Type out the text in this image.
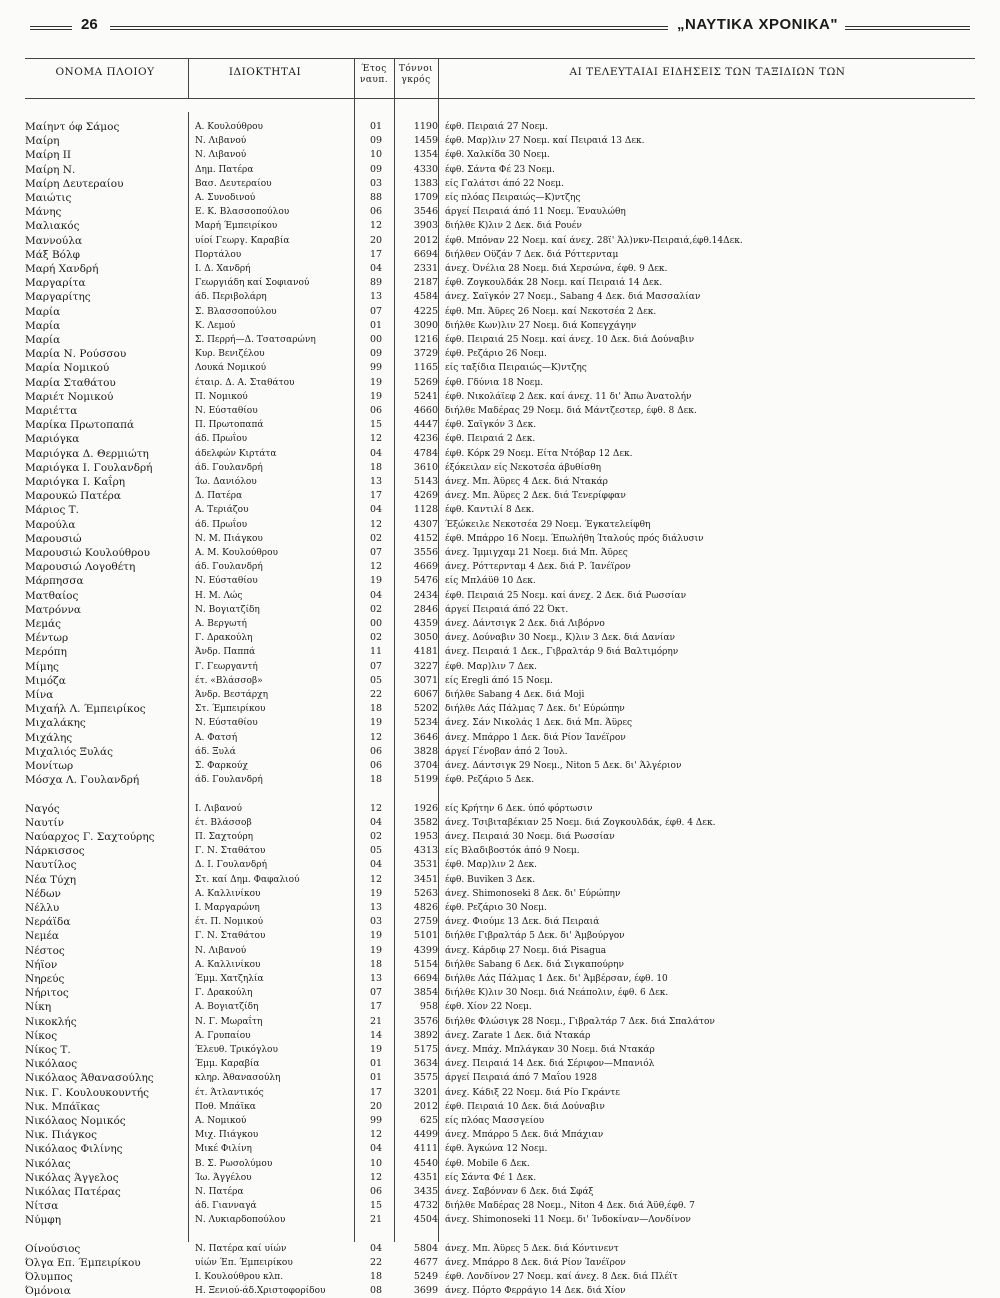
26	„ΝΑΥΤΙΚΑ ΧΡΟΝΙΚΑ"
ΟΝΟΜΑ ΠΛΟΙΟΥ	ΙΔΙΟΚΤΗΤΑΙ	Έτος
ναυπ.
Τόννοι
γκρός
ΑΙ ΤΕΛΕΥΤΑΙΑΙ ΕΙΔΗΣΕΙΣ ΤΩΝ ΤΑΞΙΔΙΩΝ ΤΩΝ
Μαίηντ όφ Σάμος	Α. Κουλούθρου	01	1190 έφθ. Πειραιά 27 Νοεμ.
Μαίρη	Ν. Λιβανού	09	1459 έφθ. Μαρ)λιν 27 Νοεμ. καί Πειραιά 13 Δεκ.
Μαίρη ΙΙ	Ν. Λιβανού	10	1354 έφθ. Χαλκίδα 30 Νοεμ.
Μαίρη Ν.	Δημ. Πατέρα	09	4330 έφθ. Σάντα Φέ 23 Νοεμ.
Μαίρη Δευτεραίου	Βασ. Δευτεραίου	03	1383 είς Γαλάτσι άπό 22 Νοεμ.
Μαιώτις	Α. Συνοδινού	88	1709 είς πλόας Πειραιώς—Κ)ντζης
Μάνης	Ε. Κ. Βλασσοπούλου	06	3546 άργεί Πειραιά άπό 11 Νοεμ. Έναυλώθη
Μαλιακός	Μαρή Έμπειρίκου	12	3903 διήλθε Κ)λιν 2 Δεκ. διά Ρουέν
Μαννούλα	υίοί Γεωργ. Καραβία	20	2012 έφθ. Μπόναν 22 Νοεμ. καί άνεχ. 28ϊ' Άλ)νκν-Πειραιά,έφθ.14Δεκ.
Μάξ Βόλφ	Πορτάλου	17	6694 διήλθεν Οϋζάν 7 Δεκ. διά Ρόττερνταμ
Μαρή Χανδρή	Ι. Δ. Χανδρή	04	2331 άνεχ. Όνέλια 28 Νοεμ. διά Χερσώνα, έφθ. 9 Δεκ.
Μαργαρίτα	Γεωργιάδη καί Σοφιανού	89	2187 έφθ. Ζογκουλδάκ 28 Νοεμ. καί Πειραιά 14 Δεκ.
Μαργαρίτης	άδ. Περιβολάρη	13	4584 άνεχ. Σαϊγκόν 27 Νοεμ., Sabang 4 Δεκ. διά Μασσαλίαν
Μαρία	Σ. Βλασσοπούλου	07	4225 έφθ. Μπ. Άϋρες 26 Νοεμ. καί Νεκοτσέα 2 Δεκ.
Μαρία	Κ. Λεμού	01	3090 διήλθε Κων)λιν 27 Νοεμ. διά Κοπεγχάγην
Μαρία	Σ. Περρή—Δ. Τσατσαρώνη	00	1216 έφθ. Πειραιά 25 Νοεμ. καί άνεχ. 10 Δεκ. διά Δούναβιν
Μαρία Ν. Ρούσσου	Κυρ. Βενιζέλου	09	3729 έφθ. Ρεζάριο 26 Νοεμ.
Μαρία Νομικού	Λουκά Νομικού	99	1165 είς ταξίδια Πειραιώς—Κ)ντζης
Μαρία Σταθάτου	έταιρ. Δ. Α. Σταθάτου	19	5269 έφθ. Γδύνια 18 Νοεμ.
Μαριέτ Νομικού	Π. Νομικού	19	5241 έφθ. Νικολάϊεφ 2 Δεκ. καί άνεχ. 11 δι' Άπω Άνατολήν
Μαριέττα	Ν. Εύσταθίου	06	4660 διήλθε Μαδέρας 29 Νοεμ. διά Μάντζεστερ, έφθ. 8 Δεκ.
Μαρίκα Πρωτοπαπά	Π. Πρωτοπαπά	15	4447 έφθ. Σαϊγκόν 3 Δεκ.
Μαριόγκα	άδ. Πρωΐου	12	4236 έφθ. Πειραιά 2 Δεκ.
Μαριόγκα Δ. Θερμιώτη	άδελφών Κιρτάτα	04	4784 έφθ. Κόρκ 29 Νοεμ. Είτα Ντόβαρ 12 Δεκ.
Μαριόγκα Ι. Γουλανδρή	άδ. Γουλανδρή	18	3610 έξόκειλαν είς Νεκοτσέα άβυθίσθη
Μαριόγκα Ι. Καΐρη	Ίω. Δανιόλου	13	5143 άνεχ. Μπ. Άϋρες 4 Δεκ. διά Ντακάρ
Μαρουκώ Πατέρα	Δ. Πατέρα	17	4269 άνεχ. Μπ. Άϋρες 2 Δεκ. διά Τενερίφφαν
Μάριος Τ.	Α. Τεριάζου	04	1128 έφθ. Καντιλί 8 Δεκ.
Μαρούλα	άδ. Πρωΐου	12	4307 Έξώκειλε Νεκοτσέα 29 Νοεμ. Έγκατελείφθη
Μαρουσιώ	Ν. Μ. Πιάγκου	02	4152 έφθ. Μπάρρο 16 Νοεμ. Έπωλήθη Ίταλούς πρός διάλυσιν
Μαρουσιώ Κουλούθρου	Α. Μ. Κουλούθρου	07	3556 άνεχ. Ίμμιγχαμ 21 Νοεμ. διά Μπ. Άϋρες
Μαρουσιώ Λογοθέτη	άδ. Γουλανδρή	12	4669 άνεχ. Ρόττερνταμ 4 Δεκ. διά Ρ. Ίανέϊρον
Μάρπησσα	Ν. Εύσταθίου	19	5476 είς Μπλάϋθ 10 Δεκ.
Ματθαίος	Η. Μ. Λώς	04	2434 έφθ. Πειραιά 25 Νοεμ. καί άνεχ. 2 Δεκ. διά Ρωσσίαν
Ματρόννα	Ν. Βογιατζίδη	02	2846 άργεί Πειραιά άπό 22 Όκτ.
Μεμάς	Α. Βεργωτή	00	4359 άνεχ. Δάντσιγκ 2 Δεκ. διά Λιβόρνο
Μέντωρ	Γ. Δρακούλη	02	3050 άνεχ. Δούναβιν 30 Νοεμ., Κ)λιν 3 Δεκ. διά Δανίαν
Μερόπη	Άνδρ. Παππά	11	4181 άνεχ. Πειραιά 1 Δεκ., Γιβραλτάρ 9 διά Βαλτιμόρην
Μίμης	Γ. Γεωργαντή	07	3227 έφθ. Μαρ)λιν 7 Δεκ.
Μιμόζα	έτ. «Βλάσσοβ»	05	3071 είς Eregli άπό 15 Νοεμ.
Μίνα	Άνδρ. Βεστάρχη	22	6067 διήλθε Sabang 4 Δεκ. διά Moji
Μιχαήλ Λ. Έμπειρίκος	Στ. Έμπειρίκου	18	5202 διήλθε Λάς Πάλμας 7 Δεκ. δι' Εύρώπην
Μιχαλάκης	Ν. Εύσταθίου	19	5234 άνεχ. Σάν Νικολάς 1 Δεκ. διά Μπ. Άϋρες
Μιχάλης	Α. Φατσή	12	3646 άνεχ. Μπάρρο 1 Δεκ. διά Ρίον Ίανέϊρον
Μιχαλιός Ξυλάς	άδ. Ξυλά	06	3828 άργεί Γένοβαν άπό 2 Ίουλ.
Μονίτωρ	Σ. Φαρκούχ	06	3704 άνεχ. Δάντσιγκ 29 Νοεμ., Niton 5 Δεκ. δι' Άλγέριον
Μόσχα Λ. Γουλανδρή	άδ. Γουλανδρή	18	5199 έφθ. Ρεζάριο 5 Δεκ.
Ναγός	Ι. Λιβανού	12	1926 είς Κρήτην 6 Δεκ. ύπό φόρτωσιν
Ναυτίν	έτ. Βλάσσοβ	04	3582 άνεχ. Τσιβιταβέκιαν 25 Νοεμ. διά Ζογκουλδάκ, έφθ. 4 Δεκ.
Ναύαρχος Γ. Σαχτούρης	Π. Σαχτούρη	02	1953 άνεχ. Πειραιά 30 Νοεμ. διά Ρωσσίαν
Νάρκισσος	Γ. Ν. Σταθάτου	05	4313 είς Βλαδιβοστόκ άπό 9 Νοεμ.
Ναυτίλος	Δ. Ι. Γουλανδρή	04	3531 έφθ. Μαρ)λιν 2 Δεκ.
Νέα Τύχη	Στ. καί Δημ. Φαφαλιού	12	3451 έφθ. Buviken 3 Δεκ.
Νέδων	Α. Καλλινίκου	19	5263 άνεχ. Shimonoseki 8 Δεκ. δι' Εύρώπην
Νέλλυ	Ι. Μαργαρώνη	13	4826 έφθ. Ρεζάριο 30 Νοεμ.
Νεράϊδα	έτ. Π. Νομικού	03	2759 άνεχ. Φιούμε 13 Δεκ. διά Πειραιά
Νεμέα	Γ. Ν. Σταθάτου	19	5101 διήλθε Γιβραλτάρ 5 Δεκ. δι' Άμβούργον
Νέστος	Ν. Λιβανού	19	4399 άνεχ. Κάρδιφ 27 Νοεμ. διά Pisagua
Νήϊον	Α. Καλλινίκου	18	5154 διήλθε Sabang 6 Δεκ. διά Σιγκαπούρην
Νηρεύς	Έμμ. Χατζηλία	13	6694 διήλθε Λάς Πάλμας 1 Δεκ. δι' Άμβέρσαν, έφθ. 10
Νήριτος	Γ. Δρακούλη	07	3854 διήλθε Κ)λιν 30 Νοεμ. διά Νεάπολιν, έφθ. 6 Δεκ.
Νίκη	Α. Βογιατζίδη	17	958 έφθ. Χίον 22 Νοεμ.
Νικοκλής	Ν. Γ. Μωραΐτη	21	3576 διήλθε Φλώσιγκ 28 Νοεμ., Γιβραλτάρ 7 Δεκ. διά Σπαλάτον
Νίκος	Α. Γρυπαίου	14	3892 άνεχ. Zarate 1 Δεκ. διά Ντακάρ
Νίκος Τ.	Έλευθ. Τρικόγλου	19	5175 άνεχ. Μπάχ. Μπλάγκαν 30 Νοεμ. διά Ντακάρ
Νικόλαος	Έμμ. Καραβία	01	3634 άνεχ. Πειραιά 14 Δεκ. διά Σέριφον—Μπανιόλ
Νικόλαος Άθανασούλης	κληρ. Άθανασούλη	01	3575 άργεί Πειραιά άπό 7 Μαΐου 1928
Νικ. Γ. Κουλουκουντής	έτ. Άτλαντικός	17	3201 άνεχ. Κάδιξ 22 Νοεμ. διά Ρίο Γκράντε
Νικ. Μπάϊκας	Ποθ. Μπάϊκα	20	2012 έφθ. Πειραιά 10 Δεκ. διά Δούναβιν
Νικόλαος Νομικός	Α. Νομικού	99	625 είς πλόας Μασσγείου
Νικ. Πιάγκος	Μιχ. Πιάγκου	12	4499 άνεχ. Μπάρρο 5 Δεκ. διά Μπάχιαν
Νικόλαος Φιλίνης	Μικέ Φιλίνη	04	4111 έφθ. Άγκώνα 12 Νοεμ.
Νικόλας	Β. Σ. Ρωσολύμου	10	4540 έφθ. Mobile 6 Δεκ.
Νικόλας Άγγελος	Ίω. Άγγέλου	12	4351 είς Σάντα Φέ 1 Δεκ.
Νικόλας Πατέρας	Ν. Πατέρα	06	3435 άνεχ. Σαβόνναν 6 Δεκ. διά Σφάξ
Νίτσα	άδ. Γιανναγά	15	4732 διήλθε Μαδέρας 28 Νοεμ., Niton 4 Δεκ. διά Άϋθ,έφθ. 7
Νύμφη	Ν. Λυκιαρδοπούλου	21	4504 άνεχ. Shimonoseki 11 Νοεμ. δι' Ίνδοκίναν—Λονδίνον
Οίνούσιος	Ν. Πατέρα καί υίών	04	5804 άνεχ. Μπ. Άϋρες 5 Δεκ. διά Κόντινεντ
Όλγα Επ. Έμπειρίκου	υίών Έπ. Έμπειρίκου	22	4677 άνεχ. Μπάρρο 8 Δεκ. διά Ρίον Ίανέϊρον
Όλυμπος	Ι. Κουλούθρου κλπ.	18	5249 έφθ. Λονδίνον 27 Νοεμ. καί άνεχ. 8 Δεκ. διά Πλέϊτ
Όμόνοια	Η. Ξενιού-άδ.Χριστοφορίδου	08	3699 άνεχ. Πόρτο Φερράγιο 14 Δεκ. διά Χίον
